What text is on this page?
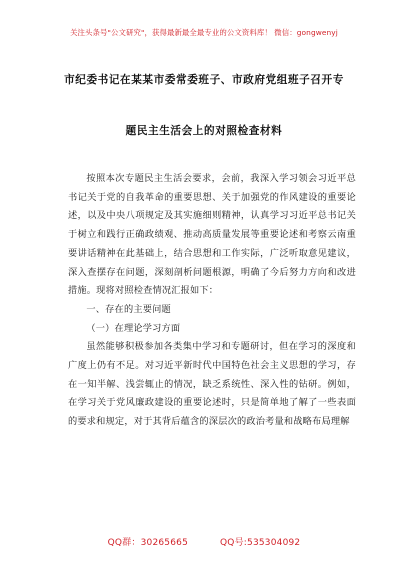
关注头条号"公文研究"，获得最新最全最专业的公文资料库！ 微信：gongwenyj
市纪委书记在某某市委常委班子、市政府党组班子召开专
题民主生活会上的对照检查材料

按照本次专题民主生活会要求，会前，我深入学习领会习近平总书记关于党的自我革命的重要思想、关于加强党的作风建设的重要论述，以及中央八项规定及其实施细则精神，认真学习习近平总书记关于树立和践行正确政绩观、推动高质量发展等重要论述和考察云南重要讲话精神在此基础上，结合思想和工作实际，广泛听取意见建议，深入查摆存在问题，深刻剖析问题根源，明确了今后努力方向和改进措施。现将对照检查情况汇报如下：

一、存在的主要问题

（一）在理论学习方面

虽然能够积极参加各类集中学习和专题研讨，但在学习的深度和广度上仍有不足。对习近平新时代中国特色社会主义思想的学习，存在一知半解、浅尝辄止的情况，缺乏系统性、深入性的钻研。例如，在学习关于党风廉政建设的重要论述时，只是简单地了解了一些表面的要求和规定，对于其背后蕴含的深层次的政治考量和战略布局理解

QQ群：30265665	QQ号:535304092
